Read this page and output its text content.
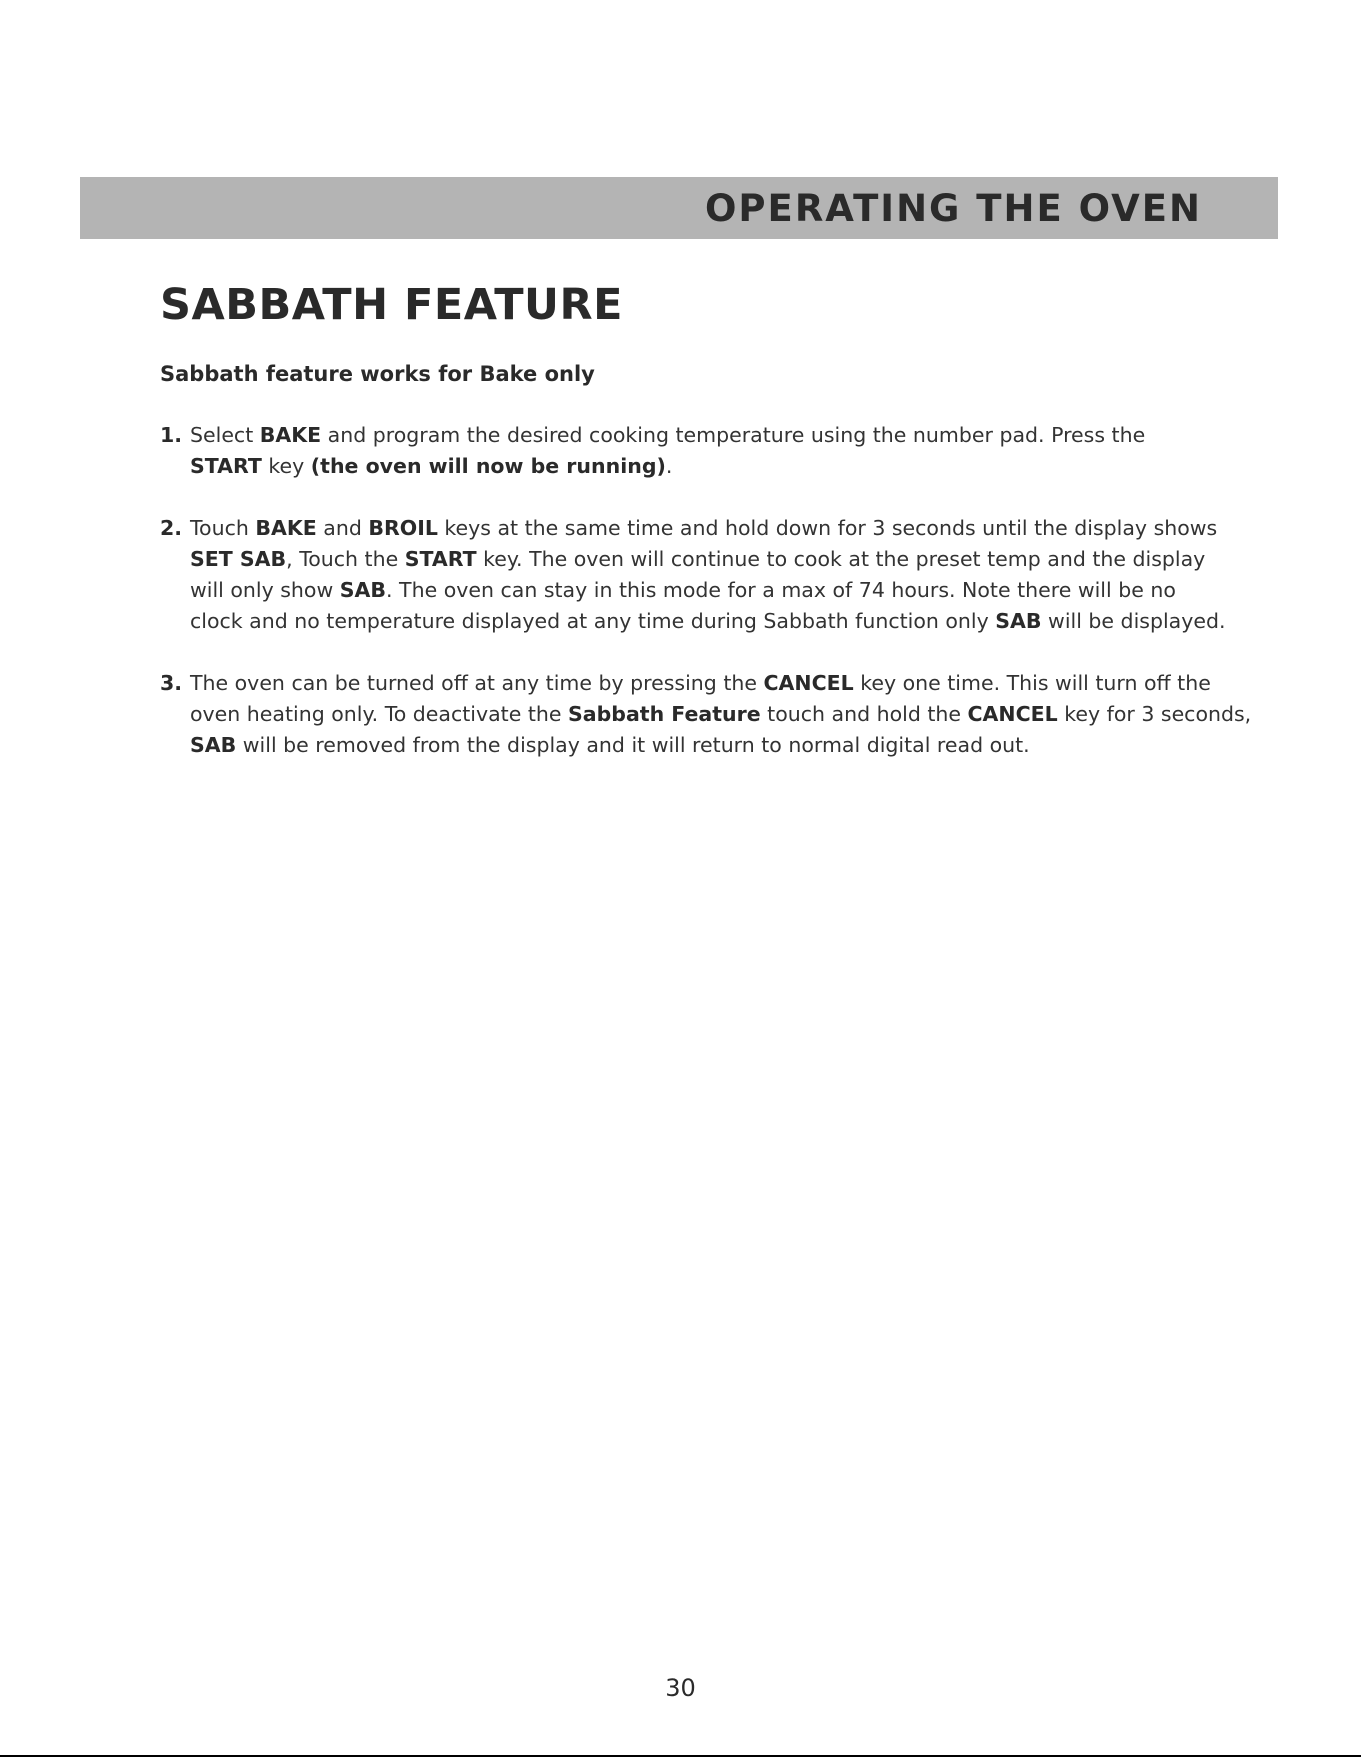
OPERATING THE OVEN
SABBATH FEATURE

Sabbath feature works for Bake only

1. Select BAKE and program the desired cooking temperature using the number pad. Press the
START key (the oven will now be running).
2. Touch BAKE and BROIL keys at the same time and hold down for 3 seconds until the display shows
SET SAB, Touch the START key. The oven will continue to cook at the preset temp and the display
will only show SAB. The oven can stay in this mode for a max of 74 hours. Note there will be no
clock and no temperature displayed at any time during Sabbath function only SAB will be displayed.
3. The oven can be turned off at any time by pressing the CANCEL key one time. This will turn off the
oven heating only. To deactivate the Sabbath Feature touch and hold the CANCEL key for 3 seconds,
SAB will be removed from the display and it will return to normal digital read out.
30
